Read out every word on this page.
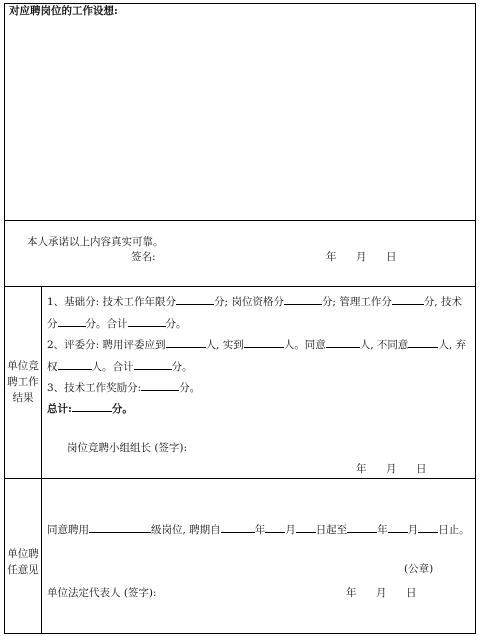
对应聘岗位的工作设想:
本人承诺以上内容真实可靠。
签名:	年 月 日
单位竞
聘工作
结果
1、基础分: 技术工作年限分	分; 岗位资格分	分; 管理工作分	分, 技术
分	分。合计	分。
2、评委分: 聘用评委应到	人, 实到	人。同意	人, 不同意	人, 弃
权	人。合计	分。
3、技术工作奖励分:	分。
总计:	分。
岗位竞聘小组组长 (签字):
年 月 日
单位聘
任意见
同意聘用	级岗位, 聘期自	年 月 日起至	年 月 日止。
(公章)
单位法定代表人 (签字):	年 月 日
